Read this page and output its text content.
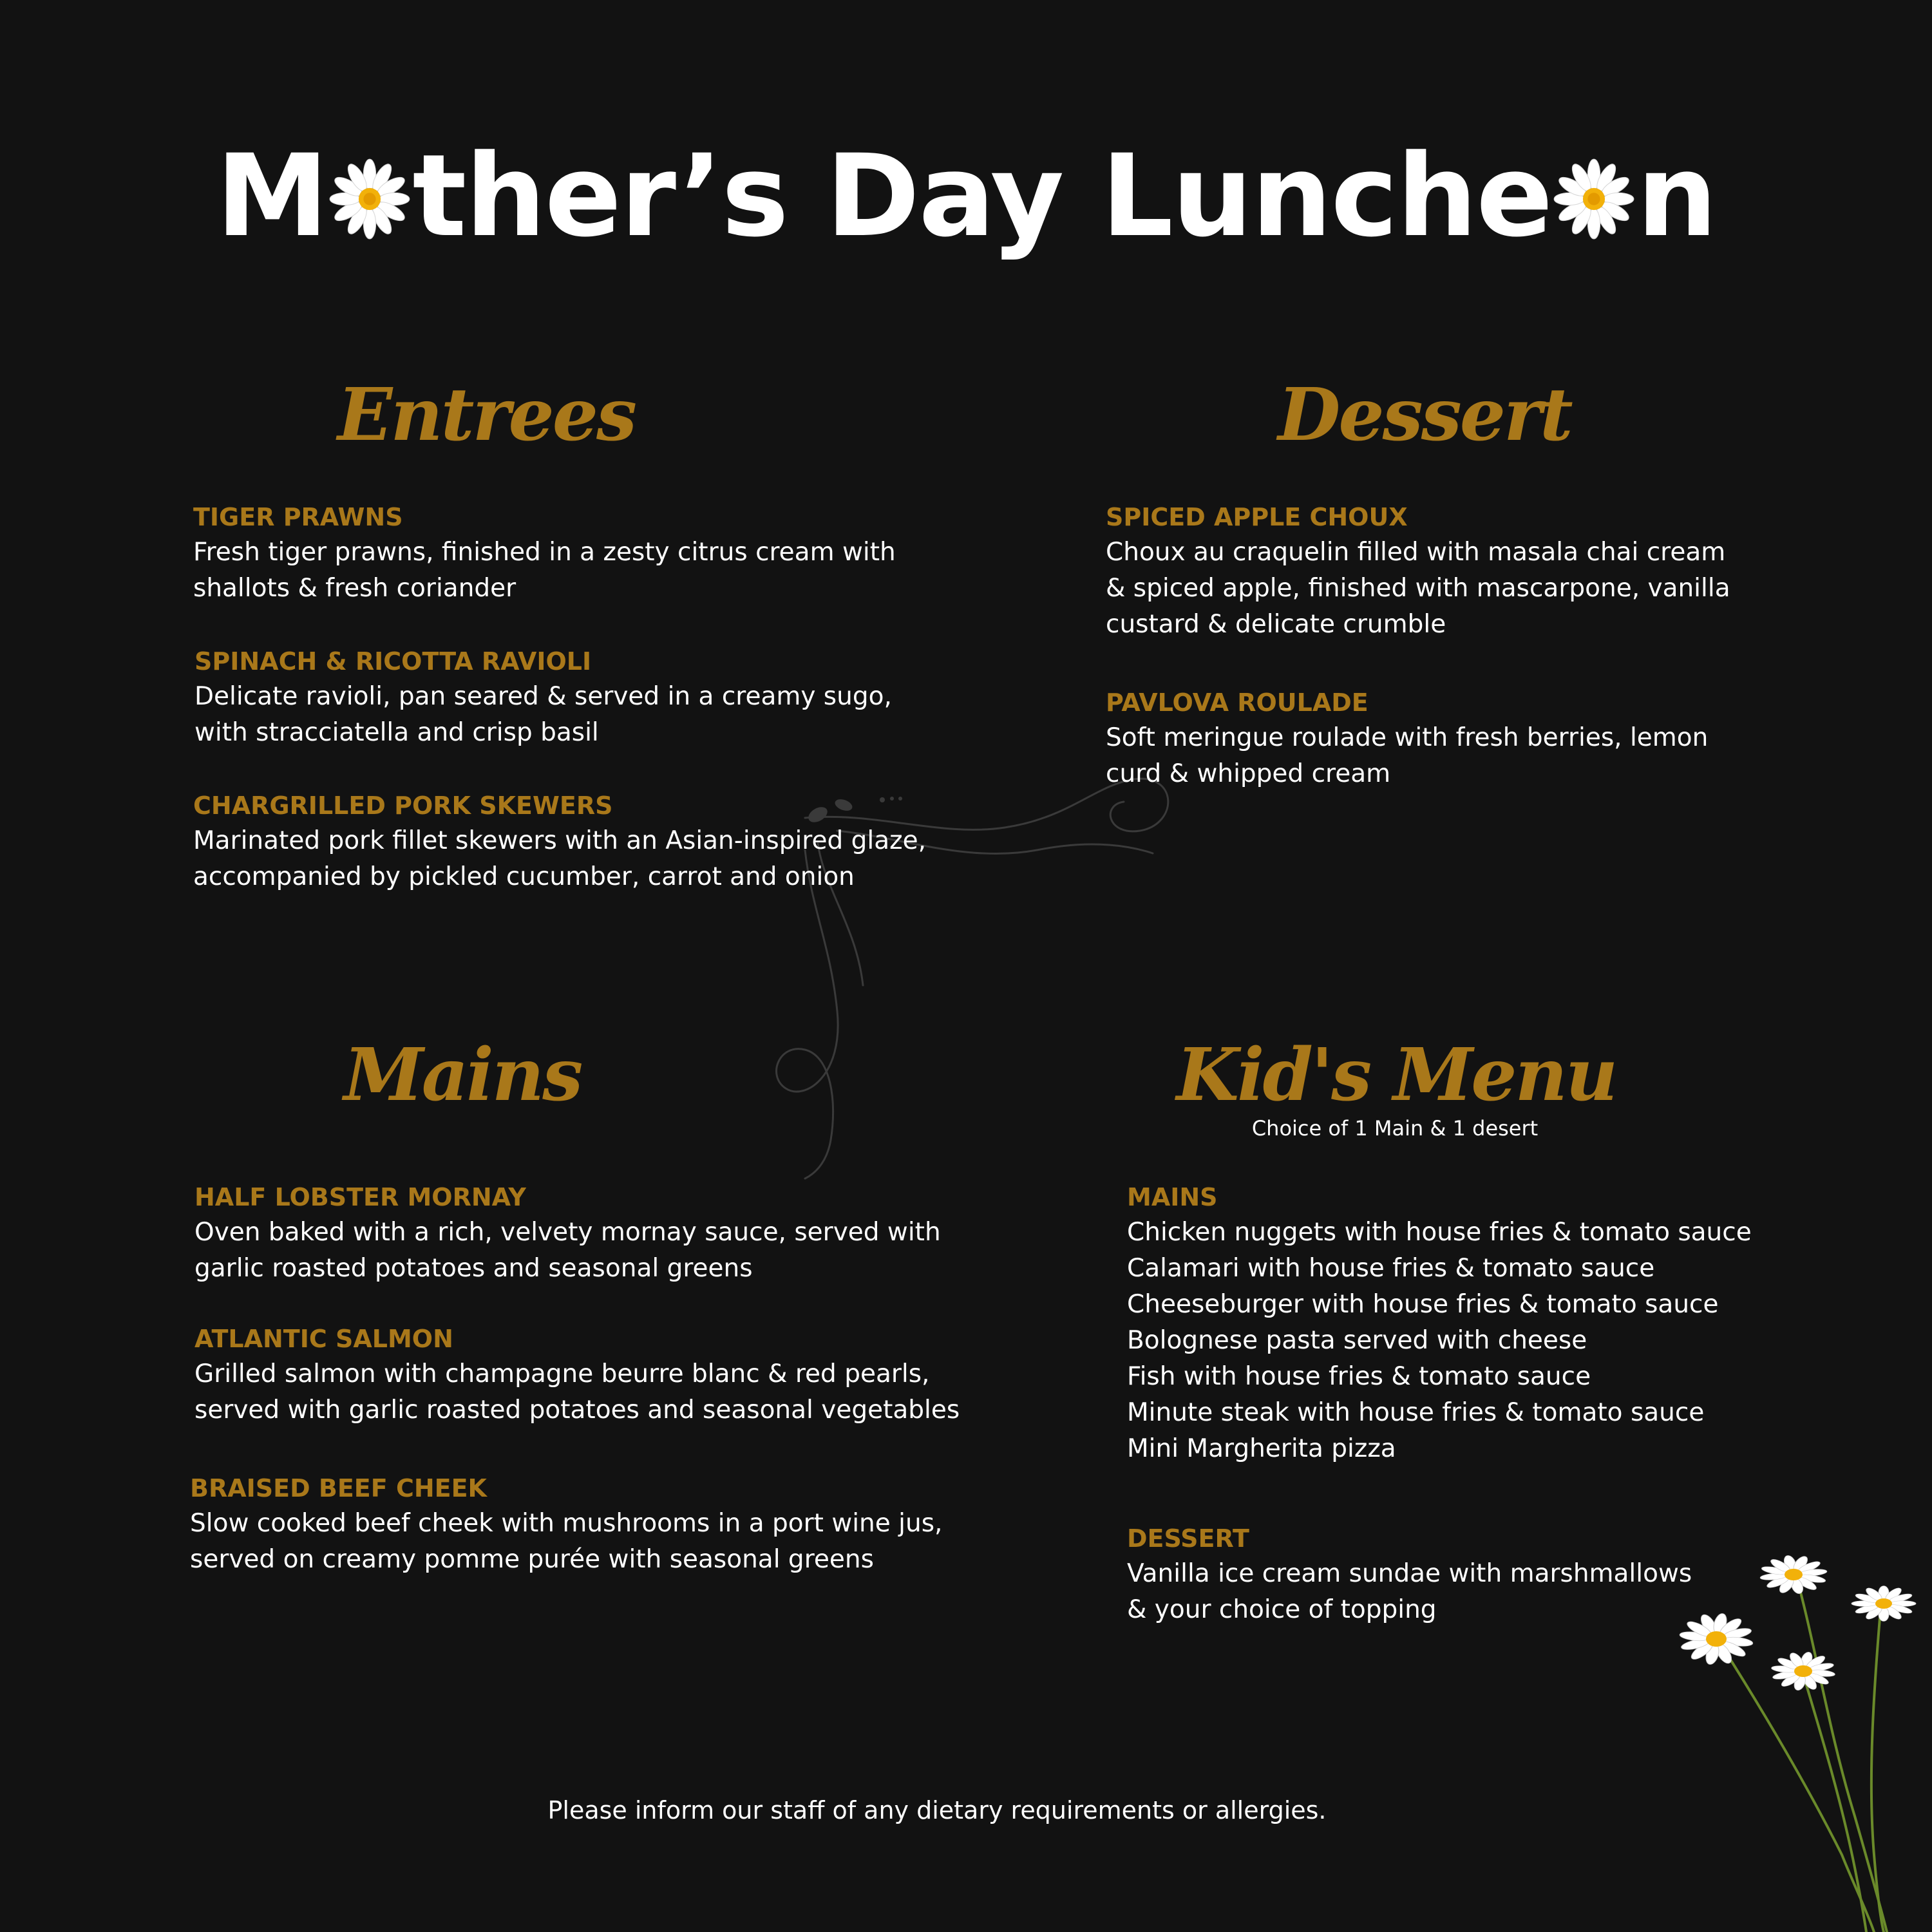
M ther’s Day Lunche n
Entrees	Dessert
Mains	Kid's Menu
Choice of 1 Main & 1 desert
TIGER PRAWNS
Fresh tiger prawns, finished in a zesty citrus cream with
shallots & fresh coriander
SPINACH & RICOTTA RAVIOLI
Delicate ravioli, pan seared & served in a creamy sugo,
with stracciatella and crisp basil
CHARGRILLED PORK SKEWERS
Marinated pork fillet skewers with an Asian-inspired glaze,
accompanied by pickled cucumber, carrot and onion
SPICED APPLE CHOUX
Choux au craquelin filled with masala chai cream
& spiced apple, finished with mascarpone, vanilla
custard & delicate crumble
PAVLOVA ROULADE
Soft meringue roulade with fresh berries, lemon
curd & whipped cream
HALF LOBSTER MORNAY
Oven baked with a rich, velvety mornay sauce, served with
garlic roasted potatoes and seasonal greens
ATLANTIC SALMON
Grilled salmon with champagne beurre blanc & red pearls,
served with garlic roasted potatoes and seasonal vegetables
BRAISED BEEF CHEEK
Slow cooked beef cheek with mushrooms in a port wine jus,
served on creamy pomme purée with seasonal greens
MAINS
Chicken nuggets with house fries & tomato sauce
Calamari with house fries & tomato sauce
Cheeseburger with house fries & tomato sauce
Bolognese pasta served with cheese
Fish with house fries & tomato sauce
Minute steak with house fries & tomato sauce
Mini Margherita pizza
DESSERT
Vanilla ice cream sundae with marshmallows
& your choice of topping
Please inform our staff of any dietary requirements or allergies.
